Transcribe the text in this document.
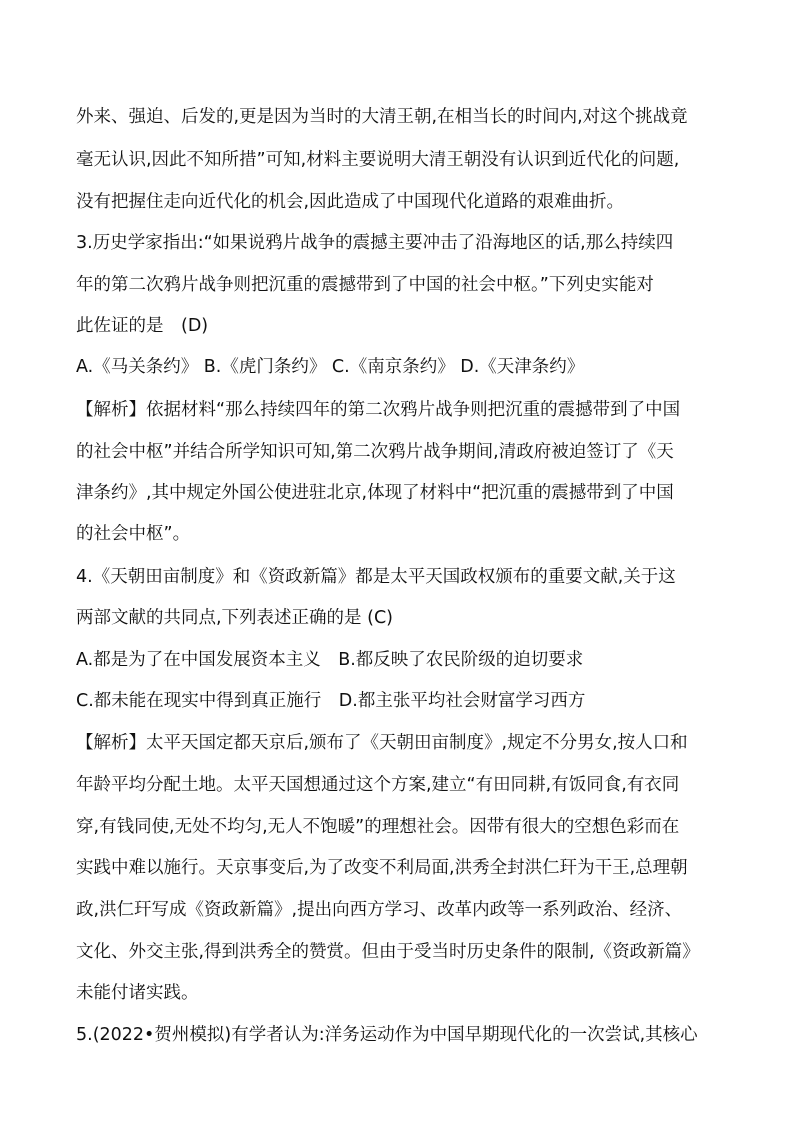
外来、强迫、后发的,更是因为当时的大清王朝,在相当长的时间内,对这个挑战竟
毫无认识,因此不知所措”可知,材料主要说明大清王朝没有认识到近代化的问题,
没有把握住走向近代化的机会,因此造成了中国现代化道路的艰难曲折。
3.历史学家指出:“如果说鸦片战争的震撼主要冲击了沿海地区的话,那么持续四
年的第二次鸦片战争则把沉重的震撼带到了中国的社会中枢。”下列史实能对
此佐证的是　(D)
A.《马关条约》 B.《虎门条约》 C.《南京条约》 D.《天津条约》
【解析】依据材料“那么持续四年的第二次鸦片战争则把沉重的震撼带到了中国
的社会中枢”并结合所学知识可知,第二次鸦片战争期间,清政府被迫签订了《天
津条约》,其中规定外国公使进驻北京,体现了材料中“把沉重的震撼带到了中国
的社会中枢”。
4.《天朝田亩制度》和《资政新篇》都是太平天国政权颁布的重要文献,关于这
两部文献的共同点,下列表述正确的是 (C)
A.都是为了在中国发展资本主义　B.都反映了农民阶级的迫切要求
C.都未能在现实中得到真正施行　D.都主张平均社会财富学习西方
【解析】太平天国定都天京后,颁布了《天朝田亩制度》,规定不分男女,按人口和
年龄平均分配土地。太平天国想通过这个方案,建立“有田同耕,有饭同食,有衣同
穿,有钱同使,无处不均匀,无人不饱暖”的理想社会。因带有很大的空想色彩而在
实践中难以施行。天京事变后,为了改变不利局面,洪秀全封洪仁玕为干王,总理朝
政,洪仁玕写成《资政新篇》,提出向西方学习、改革内政等一系列政治、经济、
文化、外交主张,得到洪秀全的赞赏。但由于受当时历史条件的限制,《资政新篇》
未能付诸实践。
5.(2022•贺州模拟)有学者认为:洋务运动作为中国早期现代化的一次尝试,其核心
